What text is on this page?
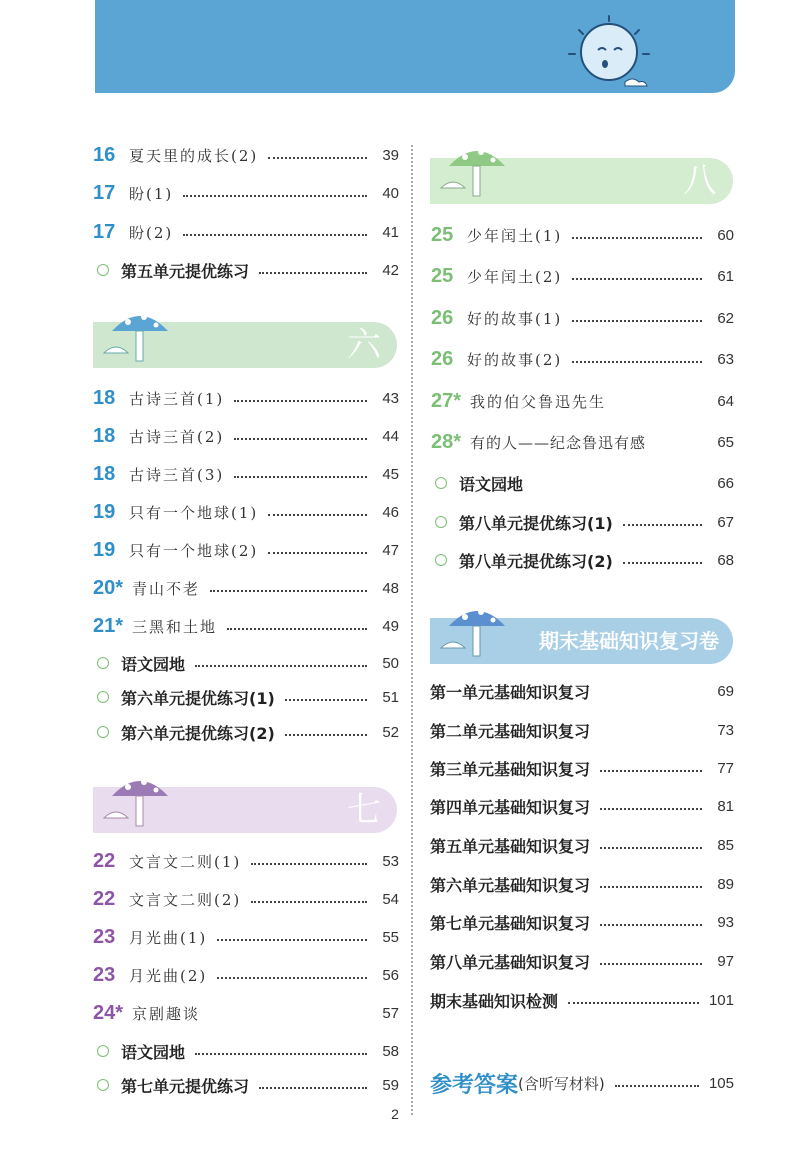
16 夏天里的成长(2)	39
17 盼(1)	40
17 盼(2)	41
第五单元提优练习	42
六
18 古诗三首(1)	43
18 古诗三首(2)	44
18 古诗三首(3)	45
19 只有一个地球(1)	46
19 只有一个地球(2)	47
20* 青山不老	48
21* 三黑和土地	49
语文园地	50
第六单元提优练习(1)	51
第六单元提优练习(2)	52
七
22 文言文二则(1)	53
22 文言文二则(2)	54
23 月光曲(1)	55
23 月光曲(2)	56
24* 京剧趣谈	57
语文园地	58
第七单元提优练习	59
八
25 少年闰土(1)	60
25 少年闰土(2)	61
26 好的故事(1)	62
26 好的故事(2)	63
27* 我的伯父鲁迅先生	64
28* 有的人——纪念鲁迅有感	65
语文园地	66
第八单元提优练习(1)	67
第八单元提优练习(2)	68
期末基础知识复习卷
第一单元基础知识复习	69
第二单元基础知识复习	73
第三单元基础知识复习	77
第四单元基础知识复习	81
第五单元基础知识复习	85
第六单元基础知识复习	89
第七单元基础知识复习	93
第八单元基础知识复习	97
期末基础知识检测	101
参考答案 (含听写材料)	105
2
